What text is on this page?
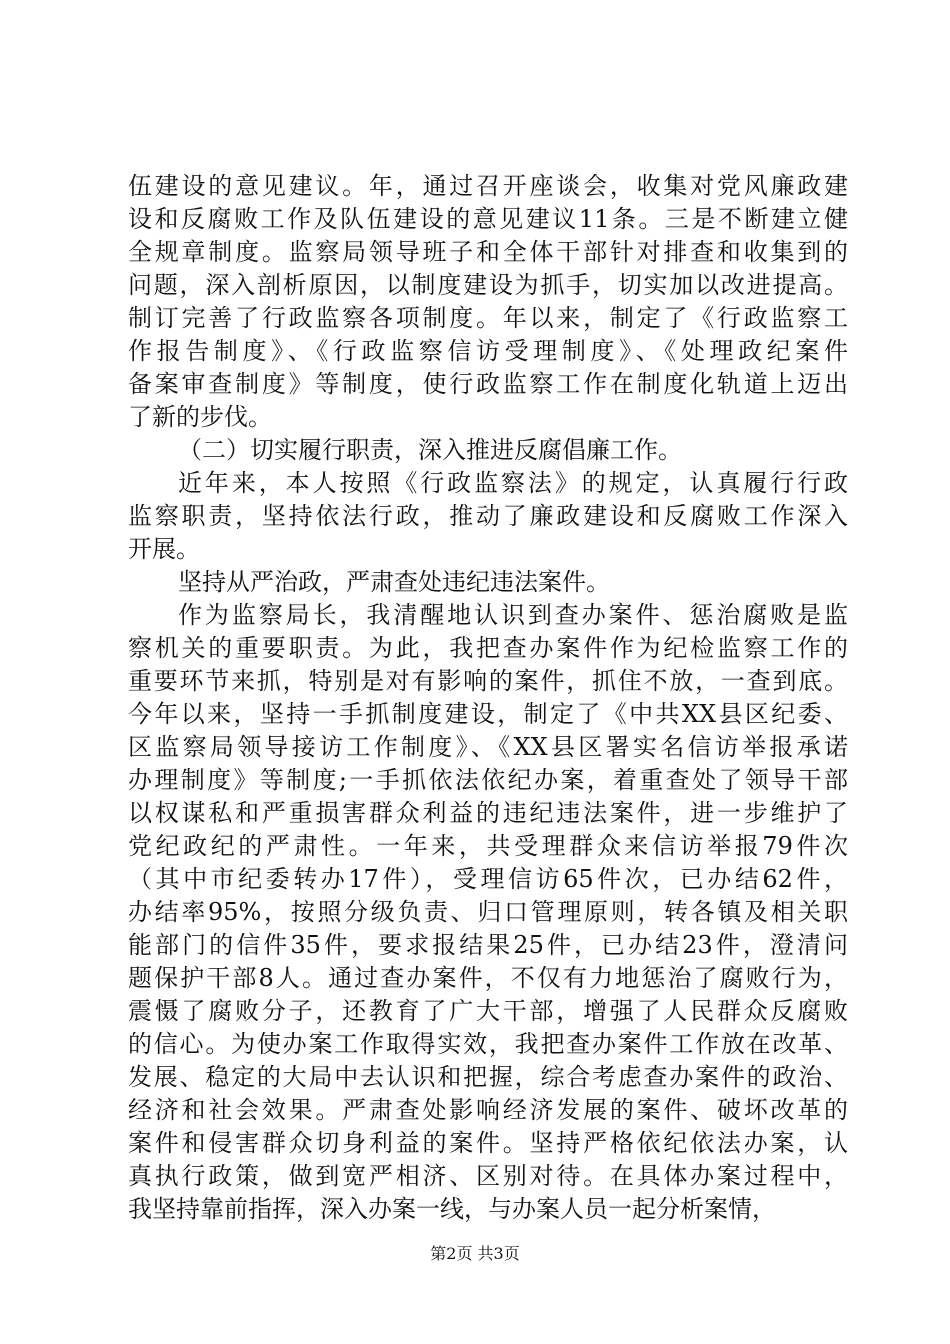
伍建设的意见建议。年，通过召开座谈会，收集对党风廉政建
设和反腐败工作及队伍建设的意见建议11条。三是不断建立健
全规章制度。监察局领导班子和全体干部针对排查和收集到的
问题，深入剖析原因，以制度建设为抓手，切实加以改进提高。
制订完善了行政监察各项制度。年以来，制定了《行政监察工
作报告制度》、《行政监察信访受理制度》、《处理政纪案件
备案审查制度》等制度，使行政监察工作在制度化轨道上迈出
了新的步伐。
（二）切实履行职责，深入推进反腐倡廉工作。
近年来，本人按照《行政监察法》的规定，认真履行行政
监察职责，坚持依法行政，推动了廉政建设和反腐败工作深入
开展。
坚持从严治政，严肃查处违纪违法案件。
作为监察局长，我清醒地认识到查办案件、惩治腐败是监
察机关的重要职责。为此，我把查办案件作为纪检监察工作的
重要环节来抓，特别是对有影响的案件，抓住不放，一查到底。
今年以来，坚持一手抓制度建设，制定了《中共XX县区纪委、
区监察局领导接访工作制度》、《XX县区署实名信访举报承诺
办理制度》等制度;一手抓依法依纪办案，着重查处了领导干部
以权谋私和严重损害群众利益的违纪违法案件，进一步维护了
党纪政纪的严肃性。一年来，共受理群众来信访举报79件次
（其中市纪委转办17件），受理信访65件次，已办结62件，
办结率95%，按照分级负责、归口管理原则，转各镇及相关职
能部门的信件35件，要求报结果25件，已办结23件，澄清问
题保护干部8人。通过查办案件，不仅有力地惩治了腐败行为，
震慑了腐败分子，还教育了广大干部，增强了人民群众反腐败
的信心。为使办案工作取得实效，我把查办案件工作放在改革、
发展、稳定的大局中去认识和把握，综合考虑查办案件的政治、
经济和社会效果。严肃查处影响经济发展的案件、破坏改革的
案件和侵害群众切身利益的案件。坚持严格依纪依法办案，认
真执行政策，做到宽严相济、区别对待。在具体办案过程中，
我坚持靠前指挥，深入办案一线，与办案人员一起分析案情，
第2页 共3页
